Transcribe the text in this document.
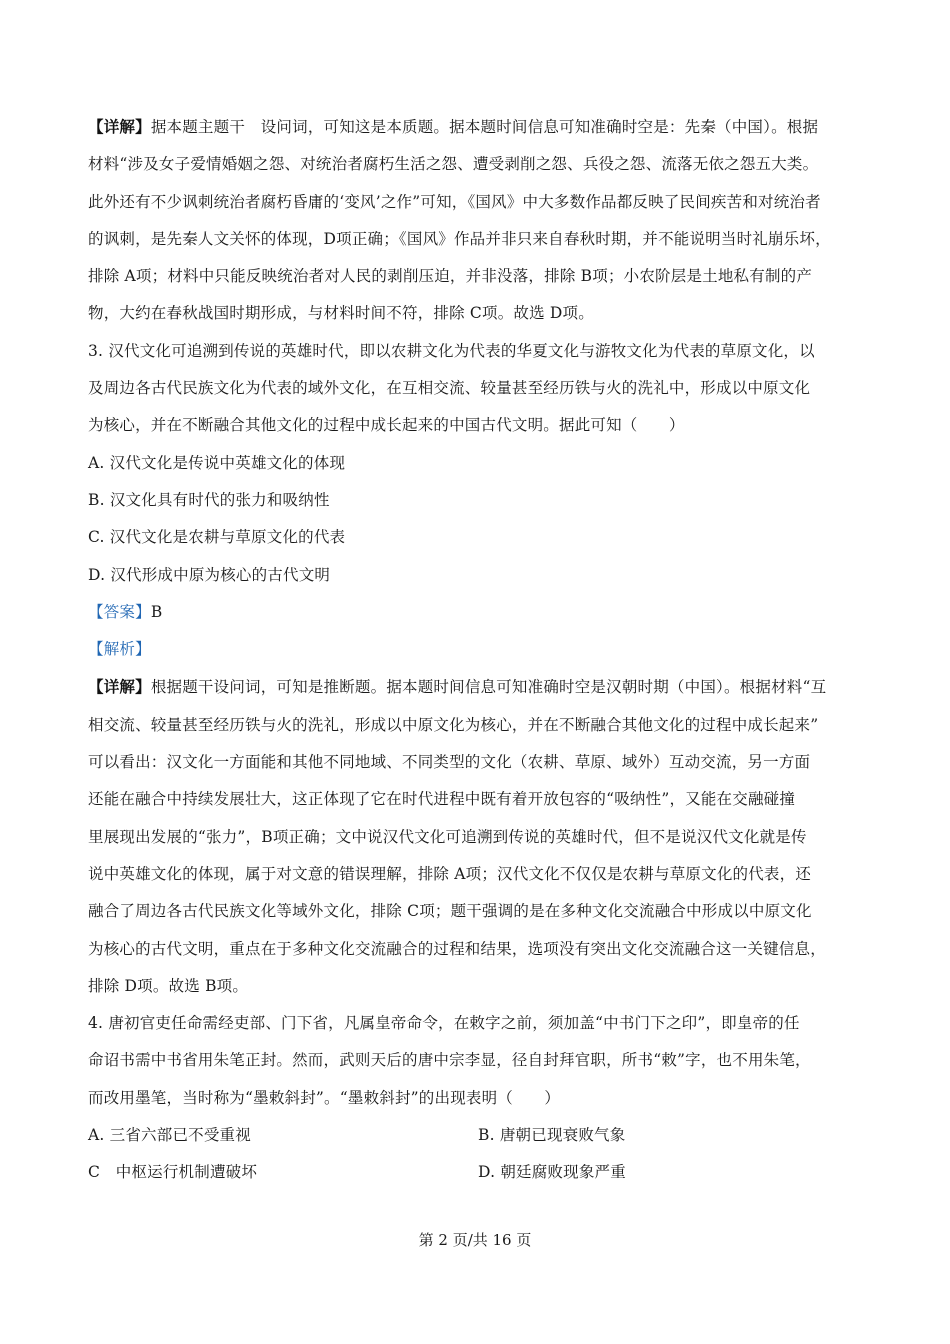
【详解】据本题主题干　设问词，可知这是本质题。据本题时间信息可知准确时空是：先秦（中国）。根据
材料“涉及女子爱情婚姻之怨、对统治者腐朽生活之怨、遭受剥削之怨、兵役之怨、流落无依之怨五大类。
此外还有不少讽刺统治者腐朽昏庸的‘变风’之作”可知，《国风》中大多数作品都反映了民间疾苦和对统治者
的讽刺，是先秦人文关怀的体现，D项正确；《国风》作品并非只来自春秋时期，并不能说明当时礼崩乐坏，
排除 A项；材料中只能反映统治者对人民的剥削压迫，并非没落，排除 B项；小农阶层是土地私有制的产
物，大约在春秋战国时期形成，与材料时间不符，排除 C项。故选 D项。
3. 汉代文化可追溯到传说的英雄时代，即以农耕文化为代表的华夏文化与游牧文化为代表的草原文化，以
及周边各古代民族文化为代表的域外文化，在互相交流、较量甚至经历铁与火的洗礼中，形成以中原文化
为核心，并在不断融合其他文化的过程中成长起来的中国古代文明。据此可知（　　）
A. 汉代文化是传说中英雄文化的体现
B. 汉文化具有时代的张力和吸纳性
C. 汉代文化是农耕与草原文化的代表
D. 汉代形成中原为核心的古代文明
【答案】B
【解析】
【详解】根据题干设问词，可知是推断题。据本题时间信息可知准确时空是汉朝时期（中国）。根据材料“互
相交流、较量甚至经历铁与火的洗礼，形成以中原文化为核心，并在不断融合其他文化的过程中成长起来”
可以看出：汉文化一方面能和其他不同地域、不同类型的文化（农耕、草原、域外）互动交流，另一方面
还能在融合中持续发展壮大，这正体现了它在时代进程中既有着开放包容的“吸纳性”，又能在交融碰撞
里展现出发展的“张力”，B项正确；文中说汉代文化可追溯到传说的英雄时代，但不是说汉代文化就是传
说中英雄文化的体现，属于对文意的错误理解，排除 A项；汉代文化不仅仅是农耕与草原文化的代表，还
融合了周边各古代民族文化等域外文化，排除 C项；题干强调的是在多种文化交流融合中形成以中原文化
为核心的古代文明，重点在于多种文化交流融合的过程和结果，选项没有突出文化交流融合这一关键信息，
排除 D项。故选 B项。
4. 唐初官吏任命需经吏部、门下省，凡属皇帝命令，在敕字之前，须加盖“中书门下之印”，即皇帝的任
命诏书需中书省用朱笔正封。然而，武则天后的唐中宗李显，径自封拜官职，所书“敕”字，也不用朱笔，
而改用墨笔，当时称为“墨敕斜封”。“墨敕斜封”的出现表明（　　）
A. 三省六部已不受重视	B. 唐朝已现衰败气象
C　中枢运行机制遭破坏	D. 朝廷腐败现象严重
第 2 页/共 16 页
